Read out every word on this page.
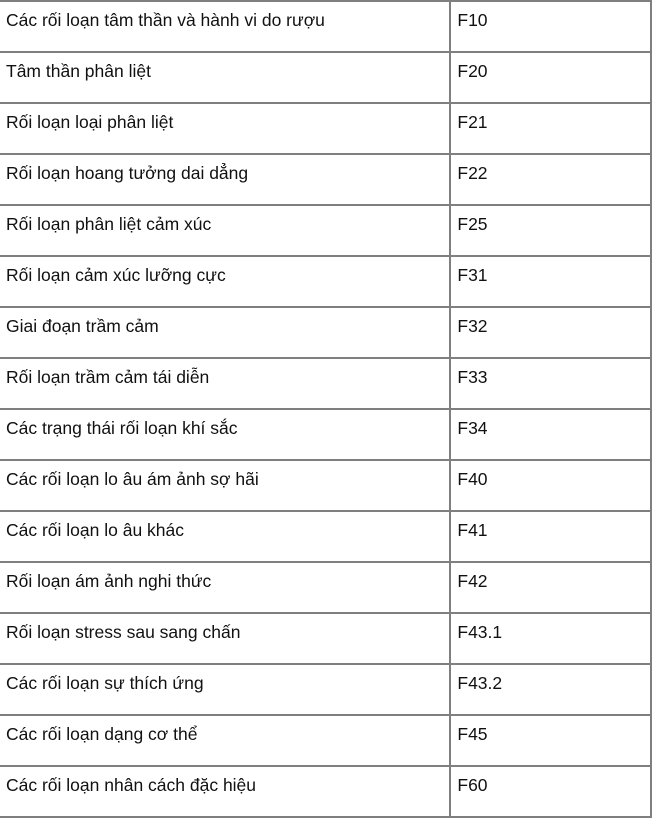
Các rối loạn tâm thần và hành vi do rượu	F10

Tâm thần phân liệt	F20

Rối loạn loại phân liệt	F21

Rối loạn hoang tưởng dai dẳng	F22

Rối loạn phân liệt cảm xúc	F25

Rối loạn cảm xúc lưỡng cực	F31

Giai đoạn trầm cảm	F32

Rối loạn trầm cảm tái diễn	F33

Các trạng thái rối loạn khí sắc	F34

Các rối loạn lo âu ám ảnh sợ hãi	F40

Các rối loạn lo âu khác	F41

Rối loạn ám ảnh nghi thức	F42

Rối loạn stress sau sang chấn	F43.1

Các rối loạn sự thích ứng	F43.2

Các rối loạn dạng cơ thể	F45

Các rối loạn nhân cách đặc hiệu	F60
